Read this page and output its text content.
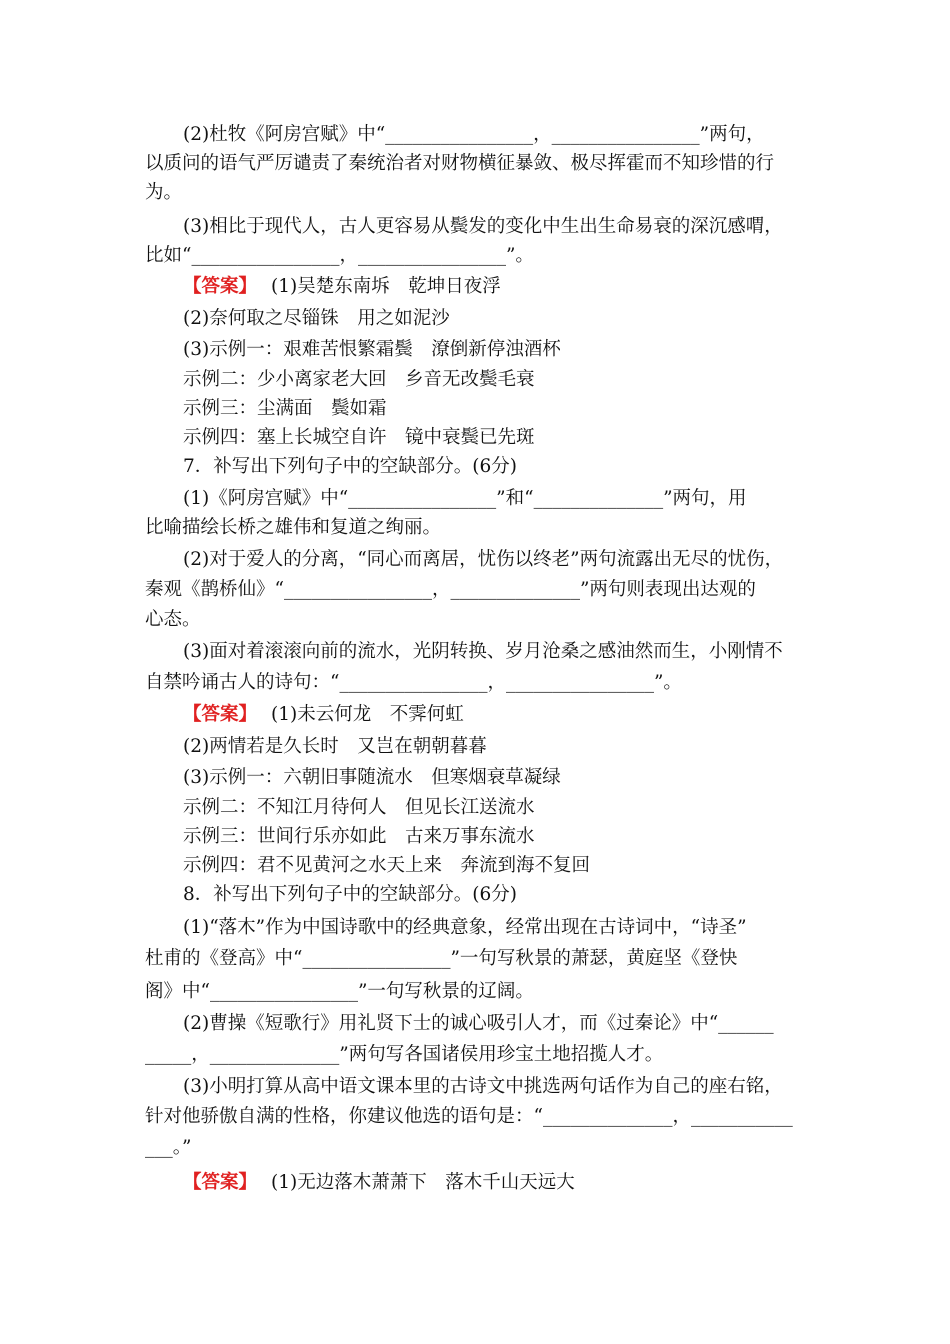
(2)杜牧《阿房宫赋》中“________________，________________”两句，
以质问的语气严厉谴责了秦统治者对财物横征暴敛、极尽挥霍而不知珍惜的行
为。
(3)相比于现代人，古人更容易从鬓发的变化中生出生命易衰的深沉感喟，
比如“________________，________________”。
【答案】 (1)吴楚东南坼　乾坤日夜浮
(2)奈何取之尽锱铢　用之如泥沙
(3)示例一：艰难苦恨繁霜鬓　潦倒新停浊酒杯
示例二：少小离家老大回　乡音无改鬓毛衰
示例三：尘满面　鬓如霜
示例四：塞上长城空自许　镜中衰鬓已先斑
7．补写出下列句子中的空缺部分。(6分)
(1)《阿房宫赋》中“________________”和“______________”两句，用
比喻描绘长桥之雄伟和复道之绚丽。
(2)对于爱人的分离，“同心而离居，忧伤以终老”两句流露出无尽的忧伤，
秦观《鹊桥仙》“________________，______________”两句则表现出达观的
心态。
(3)面对着滚滚向前的流水，光阴转换、岁月沧桑之感油然而生，小刚情不
自禁吟诵古人的诗句：“________________，________________”。
【答案】 (1)未云何龙　不霁何虹
(2)两情若是久长时　又岂在朝朝暮暮
(3)示例一：六朝旧事随流水　但寒烟衰草凝绿
示例二：不知江月待何人　但见长江送流水
示例三：世间行乐亦如此　古来万事东流水
示例四：君不见黄河之水天上来　奔流到海不复回
8．补写出下列句子中的空缺部分。(6分)
(1)“落木”作为中国诗歌中的经典意象，经常出现在古诗词中，“诗圣”
杜甫的《登高》中“________________”一句写秋景的萧瑟，黄庭坚《登快
阁》中“________________”一句写秋景的辽阔。
(2)曹操《短歌行》用礼贤下士的诚心吸引人才，而《过秦论》中“______
_____，______________”两句写各国诸侯用珍宝土地招揽人才。
(3)小明打算从高中语文课本里的古诗文中挑选两句话作为自己的座右铭，
针对他骄傲自满的性格，你建议他选的语句是：“______________，___________
___。”
【答案】 (1)无边落木萧萧下　落木千山天远大
